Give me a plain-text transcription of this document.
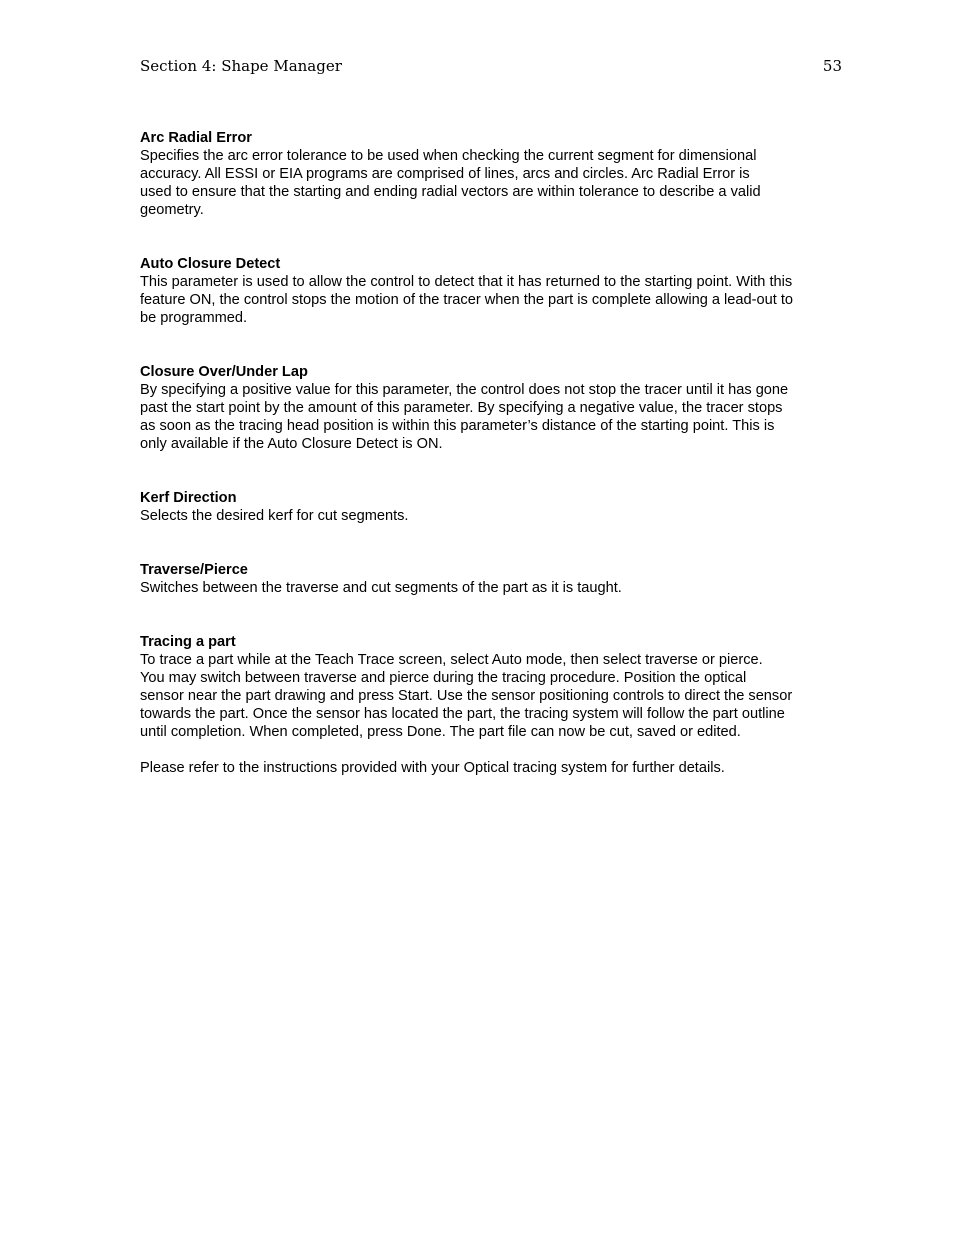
Section 4: Shape Manager	53

Arc Radial Error

Specifies the arc error tolerance to be used when checking the current segment for dimensional
accuracy. All ESSI or EIA programs are comprised of lines, arcs and circles. Arc Radial Error is
used to ensure that the starting and ending radial vectors are within tolerance to describe a valid
geometry.

Auto Closure Detect

This parameter is used to allow the control to detect that it has returned to the starting point. With this
feature ON, the control stops the motion of the tracer when the part is complete allowing a lead-out to
be programmed.

Closure Over/Under Lap

By specifying a positive value for this parameter, the control does not stop the tracer until it has gone
past the start point by the amount of this parameter. By specifying a negative value, the tracer stops
as soon as the tracing head position is within this parameter’s distance of the starting point. This is
only available if the Auto Closure Detect is ON.

Kerf Direction

Selects the desired kerf for cut segments.

Traverse/Pierce

Switches between the traverse and cut segments of the part as it is taught.

Tracing a part

To trace a part while at the Teach Trace screen, select Auto mode, then select traverse or pierce.
You may switch between traverse and pierce during the tracing procedure. Position the optical
sensor near the part drawing and press Start. Use the sensor positioning controls to direct the sensor
towards the part. Once the sensor has located the part, the tracing system will follow the part outline
until completion. When completed, press Done. The part file can now be cut, saved or edited.

Please refer to the instructions provided with your Optical tracing system for further details.
